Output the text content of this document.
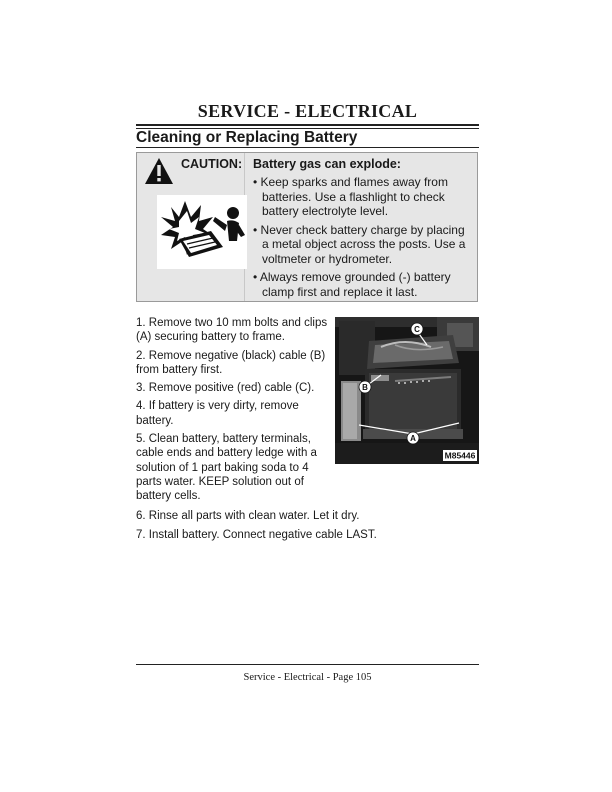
SERVICE - ELECTRICAL
Cleaning or Replacing Battery
CAUTION: Battery gas can explode:
• Keep sparks and flames away from batteries. Use a flashlight to check battery electrolyte level.
• Never check battery charge by placing a metal object across the posts. Use a voltmeter or hydrometer.
• Always remove grounded (-) battery clamp first and replace it last.
1. Remove two 10 mm bolts and clips (A) securing battery to frame.
2. Remove negative (black) cable (B) from battery first.
3. Remove positive (red) cable (C).
4. If battery is very dirty, remove battery.
5. Clean battery, battery terminals, cable ends and battery ledge with a solution of 1 part baking soda to 4 parts water. KEEP solution out of battery cells.
6. Rinse all parts with clean water. Let it dry.
7. Install battery. Connect negative cable LAST.
B
A
C
M85446
Service - Electrical - Page 105
